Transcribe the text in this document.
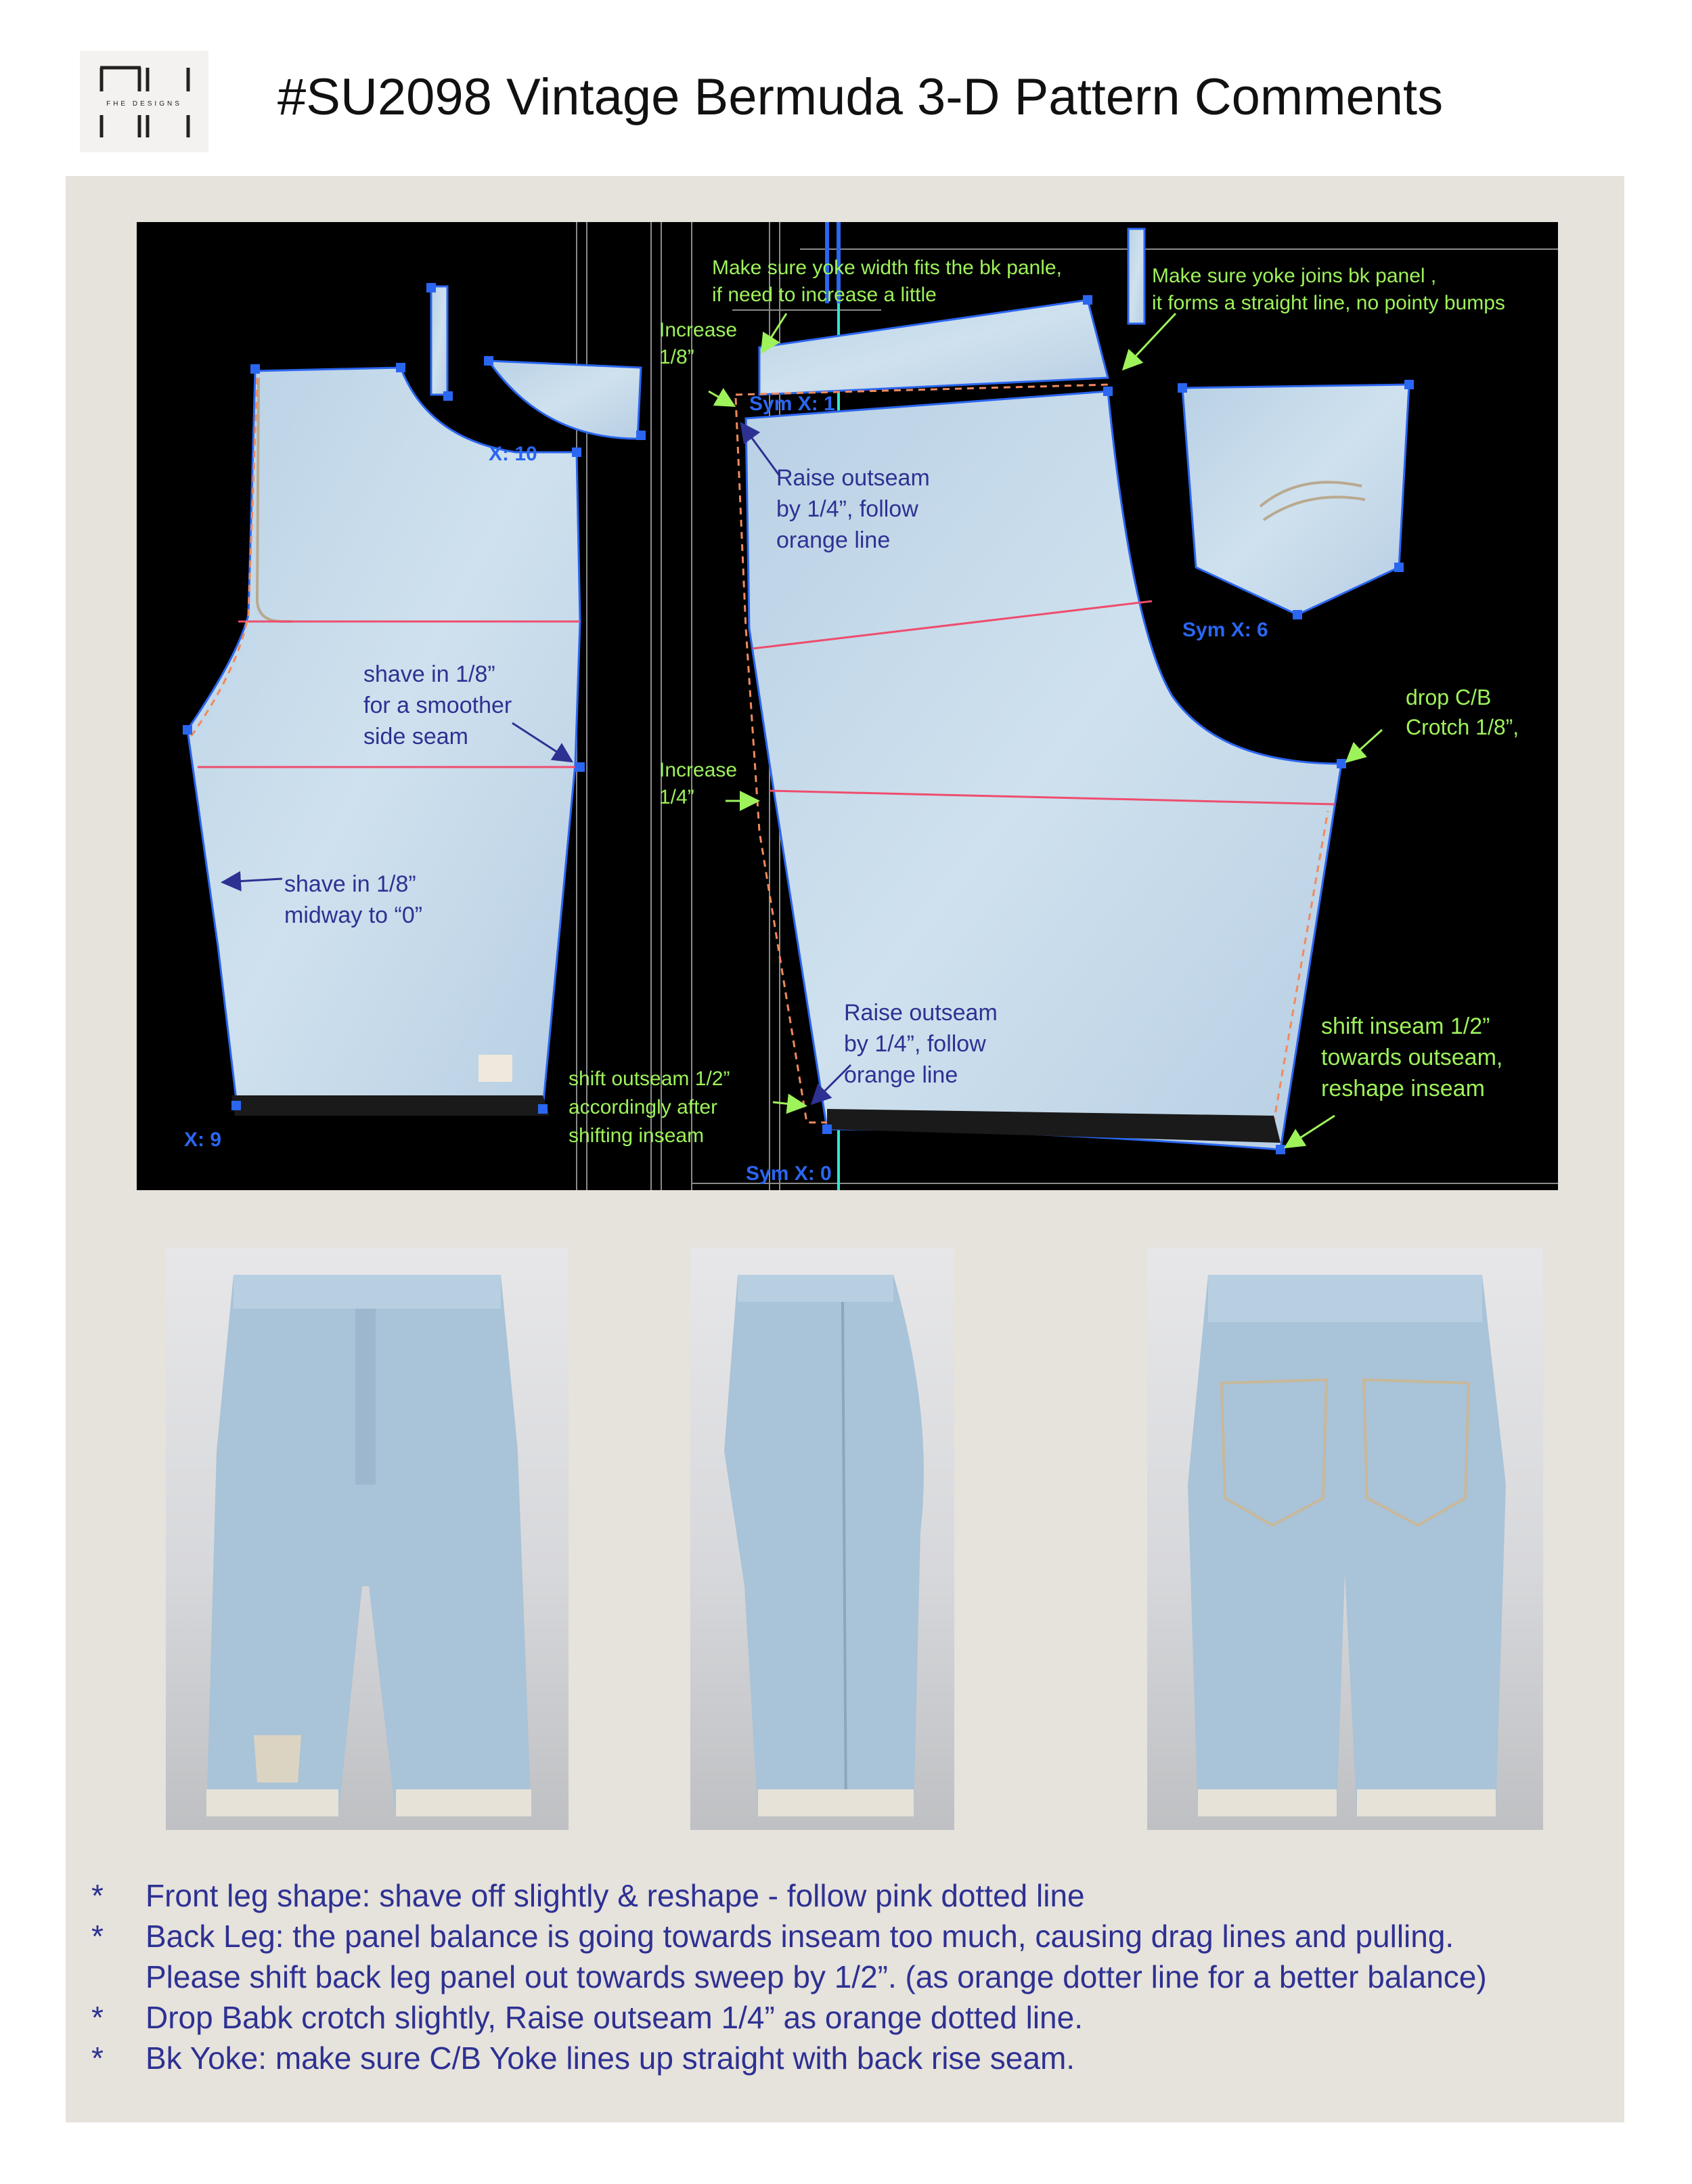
FHE DESIGNS	#SU2098 Vintage Bermuda 3-D Pattern Comments
X: 10
X: 9
Sym X: 1
Sym X: 0
Sym X: 6
Make sure yoke width fits the bk panle,
if need to increase a little
Make sure yoke joins bk panel ,
it forms a straight line, no pointy bumps
Increase
1/8”
Raise outseam
by 1/4”, follow
orange line
shave in 1/8”
for a smoother
side seam
drop C/B
Crotch 1/8”,
Increase
1/4”
shave in 1/8”
midway to “0”
Raise outseam
by 1/4”, follow
orange line
shift inseam 1/2”
towards outseam,
reshape inseam
shift outseam 1/2”
accordingly after
shifting inseam
*	Front leg shape: shave off slightly & reshape - follow pink dotted line
*	Back Leg: the panel balance is going towards inseam too much, causing drag lines and pulling.
Please shift back leg panel out towards sweep by 1/2”. (as orange dotter line for a better balance)
*	Drop Babk crotch slightly, Raise outseam 1/4” as orange dotted line.
*	Bk Yoke: make sure C/B Yoke lines up straight with back rise seam.
